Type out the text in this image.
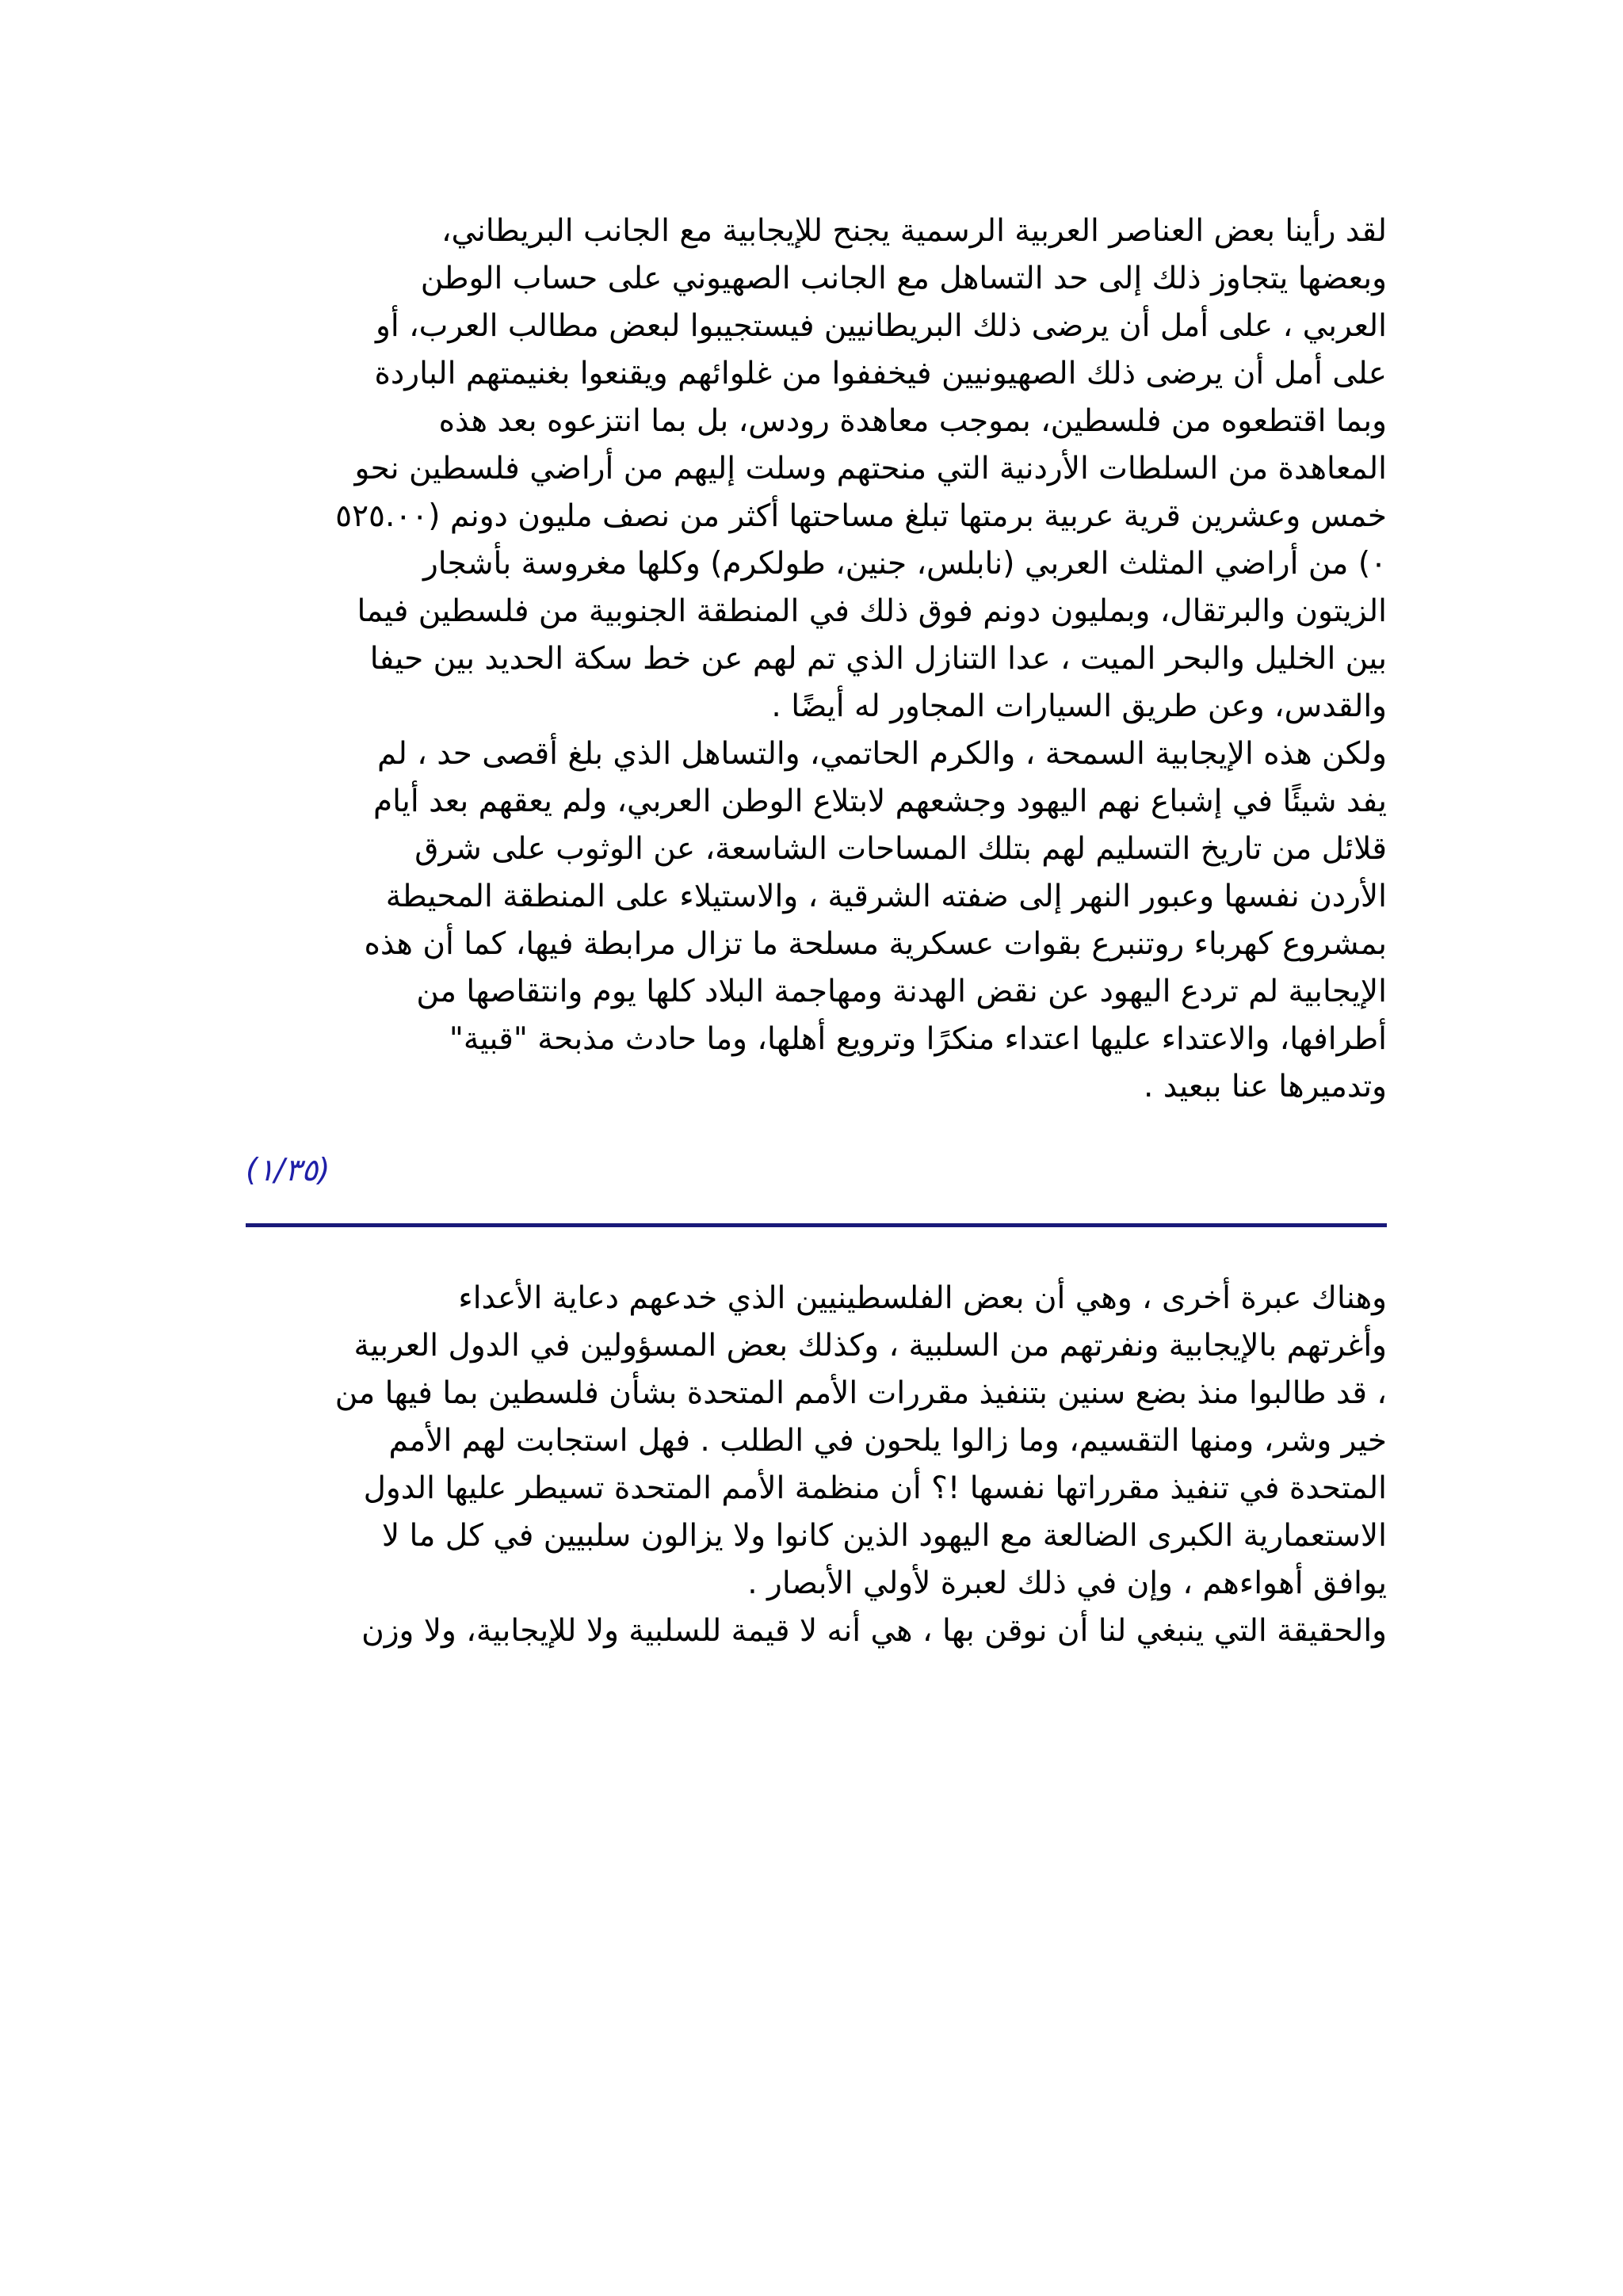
لقد رأينا بعض العناصر العربية الرسمية يجنح للإيجابية مع الجانب البريطاني،
وبعضها يتجاوز ذلك إلى حد التساهل مع الجانب الصهيوني على حساب الوطن
العربي ، على أمل أن يرضى ذلك البريطانيين فيستجيبوا لبعض مطالب العرب، أو
على أمل أن يرضى ذلك الصهيونيين فيخففوا من غلوائهم ويقنعوا بغنيمتهم الباردة
وبما اقتطعوه من فلسطين، بموجب معاهدة رودس، بل بما انتزعوه بعد هذه
المعاهدة من السلطات الأردنية التي منحتهم وسلت إليهم من أراضي فلسطين نحو
خمس وعشرين قرية عربية برمتها تبلغ مساحتها أكثر من نصف مليون دونم (٥٢٥.٠٠
٠) من أراضي المثلث العربي (نابلس، جنين، طولكرم) وكلها مغروسة بأشجار
الزيتون والبرتقال، وبمليون دونم فوق ذلك في المنطقة الجنوبية من فلسطين فيما
بين الخليل والبحر الميت ، عدا التنازل الذي تم لهم عن خط سكة الحديد بين حيفا
والقدس، وعن طريق السيارات المجاور له أيضًا .
ولكن هذه الإيجابية السمحة ، والكرم الحاتمي، والتساهل الذي بلغ أقصى حد ، لم
يفد شيئًا في إشباع نهم اليهود وجشعهم لابتلاع الوطن العربي، ولم يعقهم بعد أيام
قلائل من تاريخ التسليم لهم بتلك المساحات الشاسعة، عن الوثوب على شرق
الأردن نفسها وعبور النهر إلى ضفته الشرقية ، والاستيلاء على المنطقة المحيطة
بمشروع كهرباء روتنبرع بقوات عسكرية مسلحة ما تزال مرابطة فيها، كما أن هذه
الإيجابية لم تردع اليهود عن نقض الهدنة ومهاجمة البلاد كلها يوم وانتقاصها من
أطرافها، والاعتداء عليها اعتداء منكرًا وترويع أهلها، وما حادث مذبحة "قبية"
وتدميرها عنا ببعيد .
(١/٣٥)
وهناك عبرة أخرى ، وهي أن بعض الفلسطينيين الذي خدعهم دعاية الأعداء
وأغرتهم بالإيجابية ونفرتهم من السلبية ، وكذلك بعض المسؤولين في الدول العربية
، قد طالبوا منذ بضع سنين بتنفيذ مقررات الأمم المتحدة بشأن فلسطين بما فيها من
خير وشر، ومنها التقسيم، وما زالوا يلحون في الطلب . فهل استجابت لهم الأمم
المتحدة في تنفيذ مقرراتها نفسها !؟ أن منظمة الأمم المتحدة تسيطر عليها الدول
الاستعمارية الكبرى الضالعة مع اليهود الذين كانوا ولا يزالون سلبيين في كل ما لا
يوافق أهواءهم ، وإن في ذلك لعبرة لأولي الأبصار .
والحقيقة التي ينبغي لنا أن نوقن بها ، هي أنه لا قيمة للسلبية ولا للإيجابية، ولا وزن
